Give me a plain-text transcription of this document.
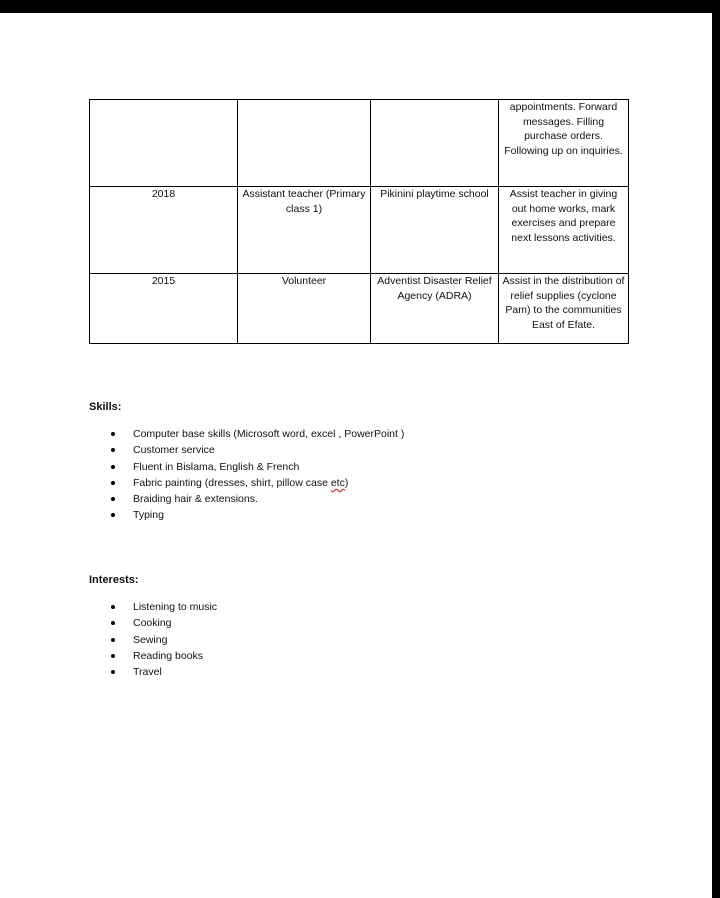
			appointments. Forward messages. Filling purchase orders. Following up on inquiries.
2018	Assistant teacher (Primary class 1)	Pikinini playtime school	Assist teacher in giving out home works, mark exercises and prepare next lessons activities.
2015	Volunteer	Adventist Disaster Relief Agency (ADRA)	Assist in the distribution of relief supplies (cyclone Pam) to the communities East of Efate.
Skills:
Computer base skills (Microsoft word, excel , PowerPoint )
Customer service
Fluent in Bislama, English & French
Fabric painting (dresses, shirt, pillow case etc)
Braiding hair & extensions.
Typing
Interests:
Listening to music
Cooking
Sewing
Reading books
Travel
